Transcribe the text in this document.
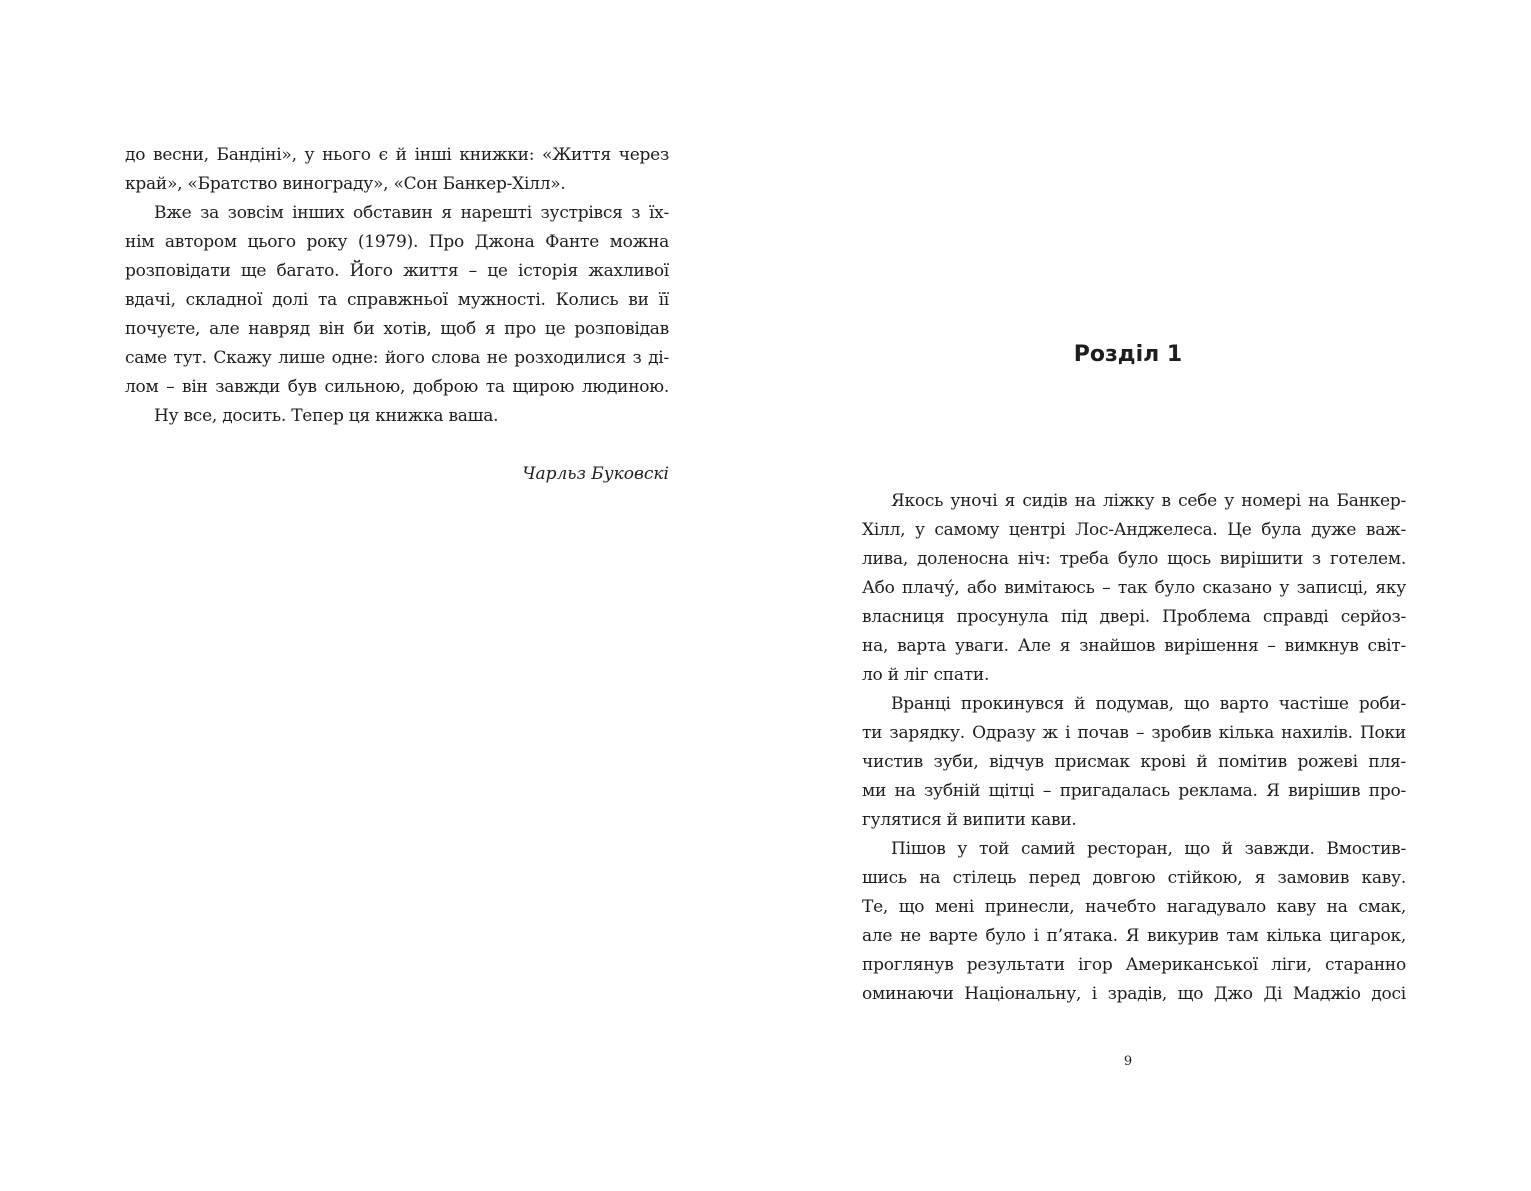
до весни, Бандіні», у нього є й інші книжки: «Життя через
край», «Братство винограду», «Сон Банкер-Хілл».
Вже за зовсім інших обставин я нарешті зустрівся з їх-
нім автором цього року (1979). Про Джона Фанте можна
розповідати ще багато. Його життя – це історія жахливої
вдачі, складної долі та справжньої мужності. Колись ви її
почуєте, але навряд він би хотів, щоб я про це розповідав
саме тут. Скажу лише одне: його слова не розходилися з ді-
лом – він завжди був сильною, доброю та щирою людиною.
Ну все, досить. Тепер ця книжка ваша.
Чарльз Буковскі
Розділ 1
Якось уночі я сидів на ліжку в себе у номері на Банкер-
Хілл, у самому центрі Лос-Анджелеса. Це була дуже важ-
лива, доленосна ніч: треба було щось вирішити з готелем.
Або плачу́, або вимітаюсь – так було сказано у записці, яку
власниця просунула під двері. Проблема справді серйоз-
на, варта уваги. Але я знайшов вирішення – вимкнув світ-
ло й ліг спати.
Вранці прокинувся й подумав, що варто частіше роби-
ти зарядку. Одразу ж і почав – зробив кілька нахилів. Поки
чистив зуби, відчув присмак крові й помітив рожеві пля-
ми на зубній щітці – пригадалась реклама. Я вирішив про-
гулятися й випити кави.
Пішов у той самий ресторан, що й завжди. Вмостив-
шись на стілець перед довгою стійкою, я замовив каву.
Те, що мені принесли, начебто нагадувало каву на смак,
але не варте було і п’ятака. Я викурив там кілька цигарок,
проглянув результати ігор Американської ліги, старанно
оминаючи Національну, і зрадів, що Джо Ді Маджіо досі
9
